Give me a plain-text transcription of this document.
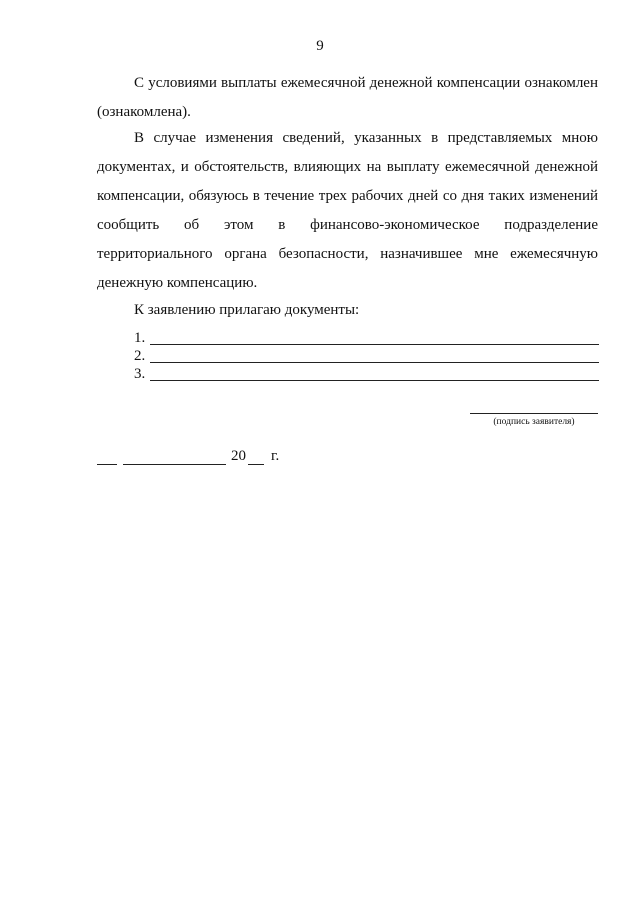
9

С условиями выплаты ежемесячной денежной компенсации ознакомлен (ознакомлена).

В случае изменения сведений, указанных в представляемых мною документах, и обстоятельств, влияющих на выплату ежемесячной денежной компенсации, обязуюсь в течение трех рабочих дней со дня таких изменений сообщить об этом в финансово-экономическое подразделение территориального органа безопасности, назначившее мне ежемесячную денежную компенсацию.

К заявлению прилагаю документы:
1.
2.
3.
(подпись заявителя)
20 г.
